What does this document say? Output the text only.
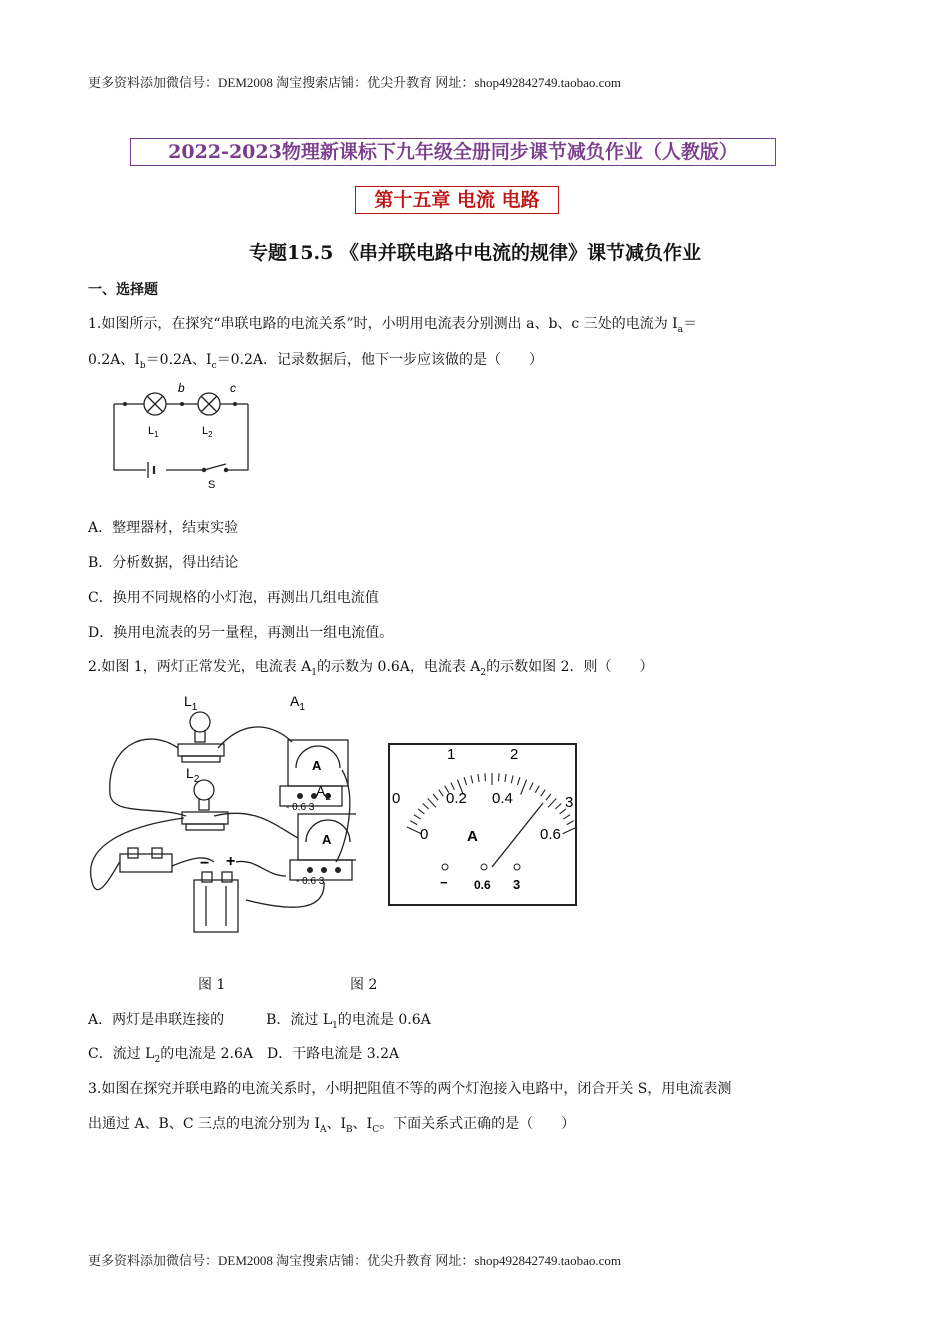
更多资料添加微信号：DEM2008 淘宝搜索店铺：优尖升教育 网址：shop492842749.taobao.com
2022-2023物理新课标下九年级全册同步课节减负作业（人教版）
第十五章 电流 电路
专题15.5 《串并联电路中电流的规律》课节减负作业
一、选择题
1.如图所示，在探究“串联电路的电流关系”时，小明用电流表分别测出 a、b、c 三处的电流为 $I_a=$
0.2A、$I_b=0.2A$、$I_c=0.2A$．记录数据后，他下一步应该做的是（　　）
b	c
$L_1$	$L_2$
S
A．整理器材，结束实验
B．分析数据，得出结论
C．换用不同规格的小灯泡，再测出几组电流值
D．换用电流表的另一量程，再测出一组电流值。
2.如图 1，两灯正常发光，电流表 $A_1$的示数为 0.6A，电流表 $A_2$的示数如图 2．则（　　）
$L_1$
$L_2$
$A_1$
$A_2$
A
A
- 0.6 3
- 0.6 3
− +
0
1	2
3
0
0.2 0.4
0.6
A
− 0.6 3
图 1	图 2
A．两灯是串联连接的	B．流过 $L_1$的电流是 0.6A
C．流过 $L_2$的电流是 2.6A D．干路电流是 3.2A
3.如图在探究并联电路的电流关系时，小明把阻值不等的两个灯泡接入电路中，闭合开关 S，用电流表测
出通过 A、B、C 三点的电流分别为 $I_A$、$I_B$、$I_C$。下面关系式正确的是（　　）
更多资料添加微信号：DEM2008 淘宝搜索店铺：优尖升教育 网址：shop492842749.taobao.com
